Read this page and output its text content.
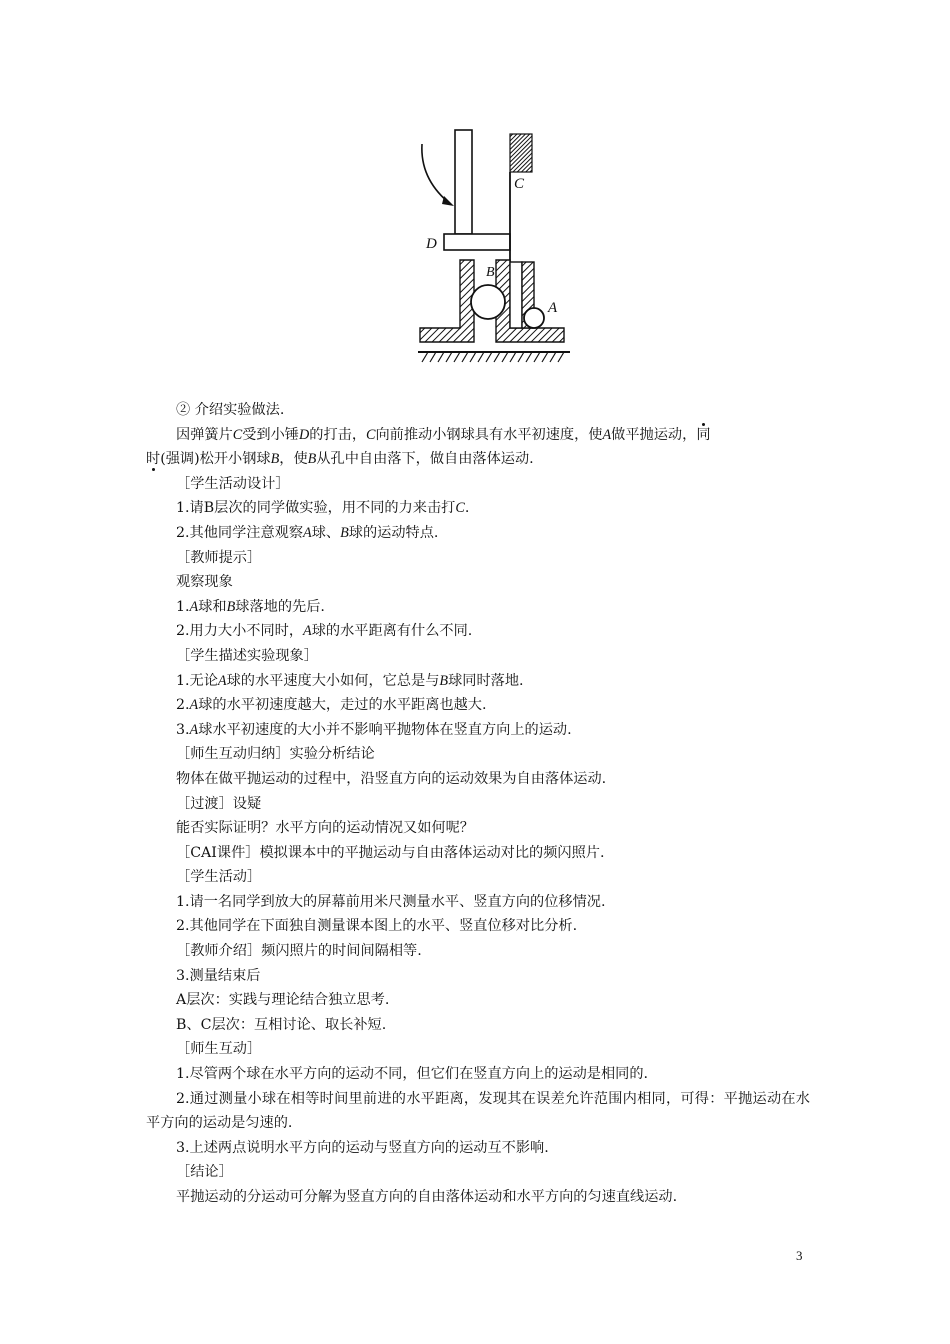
C
D
B
A

② 介绍实验做法.

因弹簧片C受到小锤D的打击，C向前推动小钢球具有水平初速度，使A做平抛运动，同

时(强调)松开小钢球B，使B从孔中自由落下，做自由落体运动.

［学生活动设计］

1.请B层次的同学做实验，用不同的力来击打C.

2.其他同学注意观察A球、B球的运动特点.

［教师提示］

观察现象

1.A球和B球落地的先后.

2.用力大小不同时，A球的水平距离有什么不同.

［学生描述实验现象］

1.无论A球的水平速度大小如何，它总是与B球同时落地.

2.A球的水平初速度越大，走过的水平距离也越大.

3.A球水平初速度的大小并不影响平抛物体在竖直方向上的运动.

［师生互动归纳］实验分析结论

物体在做平抛运动的过程中，沿竖直方向的运动效果为自由落体运动.

［过渡］设疑

能否实际证明？水平方向的运动情况又如何呢？

［CAI课件］模拟课本中的平抛运动与自由落体运动对比的频闪照片.

［学生活动］

1.请一名同学到放大的屏幕前用米尺测量水平、竖直方向的位移情况.

2.其他同学在下面独自测量课本图上的水平、竖直位移对比分析.

［教师介绍］频闪照片的时间间隔相等.

3.测量结束后

A层次：实践与理论结合独立思考.

B、C层次：互相讨论、取长补短.

［师生互动］

1.尽管两个球在水平方向的运动不同，但它们在竖直方向上的运动是相同的.

2.通过测量小球在相等时间里前进的水平距离，发现其在误差允许范围内相同，可得：平抛运动在水平方向的运动是匀速的.

3.上述两点说明水平方向的运动与竖直方向的运动互不影响.

［结论］

平抛运动的分运动可分解为竖直方向的自由落体运动和水平方向的匀速直线运动.

3
